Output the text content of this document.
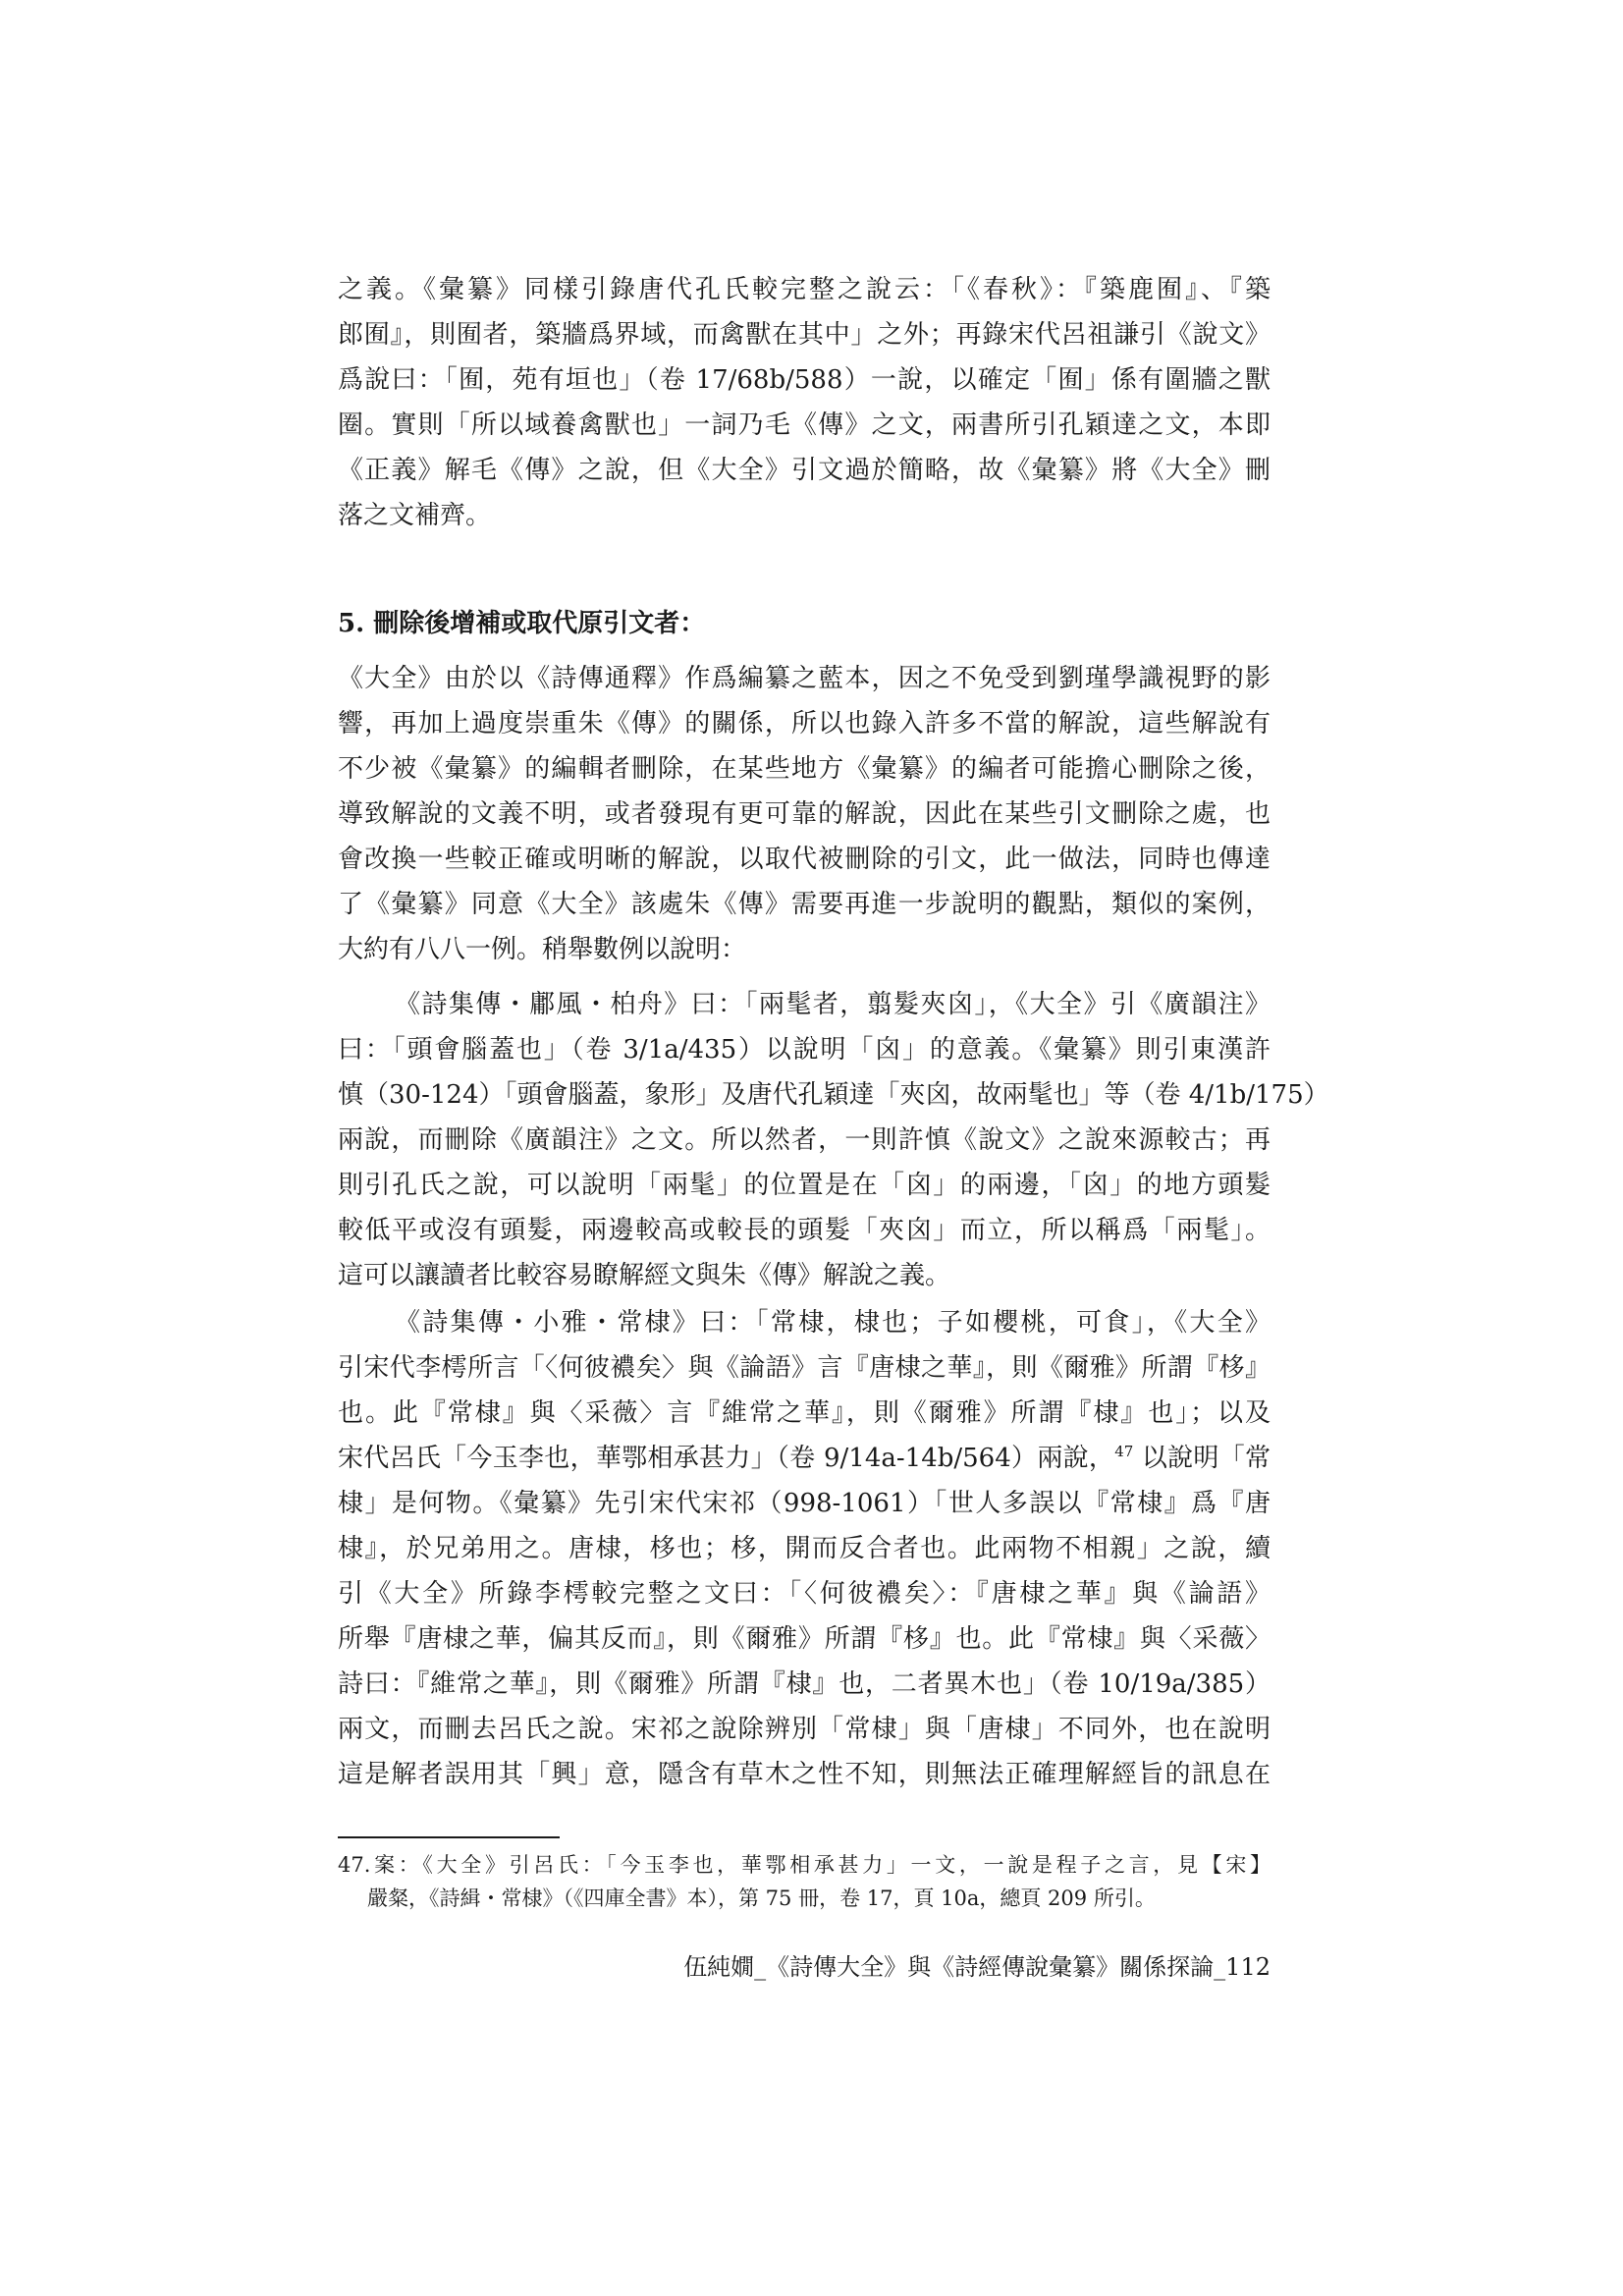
之義。《彙纂》同樣引錄唐代孔氏較完整之說云：「《春秋》：『築鹿囿』、『築
郎囿』，則囿者，築牆爲界域，而禽獸在其中」之外；再錄宋代呂祖謙引《說文》
爲說曰：「囿，苑有垣也」（卷 17/68b/588）一說，以確定「囿」係有圍牆之獸
圈。實則「所以域養禽獸也」一詞乃毛《傳》之文，兩書所引孔穎達之文，本即
《正義》解毛《傳》之說，但《大全》引文過於簡略，故《彙纂》將《大全》刪
落之文補齊。
5. 刪除後增補或取代原引文者：
《大全》由於以《詩傳通釋》作爲編纂之藍本，因之不免受到劉瑾學識視野的影
響，再加上過度崇重朱《傳》的關係，所以也錄入許多不當的解說，這些解說有
不少被《彙纂》的編輯者刪除，在某些地方《彙纂》的編者可能擔心刪除之後，
導致解說的文義不明，或者發現有更可靠的解說，因此在某些引文刪除之處，也
會改換一些較正確或明晰的解說，以取代被刪除的引文，此一做法，同時也傳達
了《彙纂》同意《大全》該處朱《傳》需要再進一步說明的觀點，類似的案例，
大約有八八一例。稍舉數例以說明：
《詩集傳・鄘風・柏舟》曰：「兩髦者，翦髮夾囟」，《大全》引《廣韻注》
曰：「頭會腦蓋也」（卷 3/1a/435）以說明「囟」的意義。《彙纂》則引東漢許
慎（30-124）「頭會腦蓋，象形」及唐代孔穎達「夾囟，故兩髦也」等（卷 4/1b/175）
兩說，而刪除《廣韻注》之文。所以然者，一則許慎《說文》之說來源較古；再
則引孔氏之說，可以說明「兩髦」的位置是在「囟」的兩邊，「囟」的地方頭髮
較低平或沒有頭髮，兩邊較高或較長的頭髮「夾囟」而立，所以稱爲「兩髦」。
這可以讓讀者比較容易瞭解經文與朱《傳》解說之義。
《詩集傳・小雅・常棣》曰：「常棣，棣也；子如櫻桃，可食」，《大全》
引宋代李樗所言「〈何彼襛矣〉與《論語》言『唐棣之華』，則《爾雅》所謂『栘』
也。此『常棣』與〈采薇〉言『維常之華』，則《爾雅》所謂『棣』也」；以及
宋代呂氏「今玉李也，華鄂相承甚力」（卷 9/14a-14b/564）兩說，$^{47}$ 以說明「常
棣」是何物。《彙纂》先引宋代宋祁（998-1061）「世人多誤以『常棣』爲『唐
棣』，於兄弟用之。唐棣，栘也；栘，開而反合者也。此兩物不相親」之說，續
引《大全》所錄李樗較完整之文曰：「〈何彼襛矣〉：『唐棣之華』與《論語》
所舉『唐棣之華，偏其反而』，則《爾雅》所謂『栘』也。此『常棣』與〈采薇〉
詩曰：『維常之華』，則《爾雅》所謂『棣』也，二者異木也」（卷 10/19a/385）
兩文，而刪去呂氏之說。宋祁之說除辨別「常棣」與「唐棣」不同外，也在說明
這是解者誤用其「興」意，隱含有草木之性不知，則無法正確理解經旨的訊息在
47.案：《大全》引呂氏：「今玉李也，華鄂相承甚力」一文，一說是程子之言，見【宋】
嚴粲，《詩緝・常棣》（《四庫全書》本），第 75 冊，卷 17，頁 10a，總頁 209 所引。
伍純嫺_《詩傳大全》與《詩經傳說彙纂》關係探論_112
